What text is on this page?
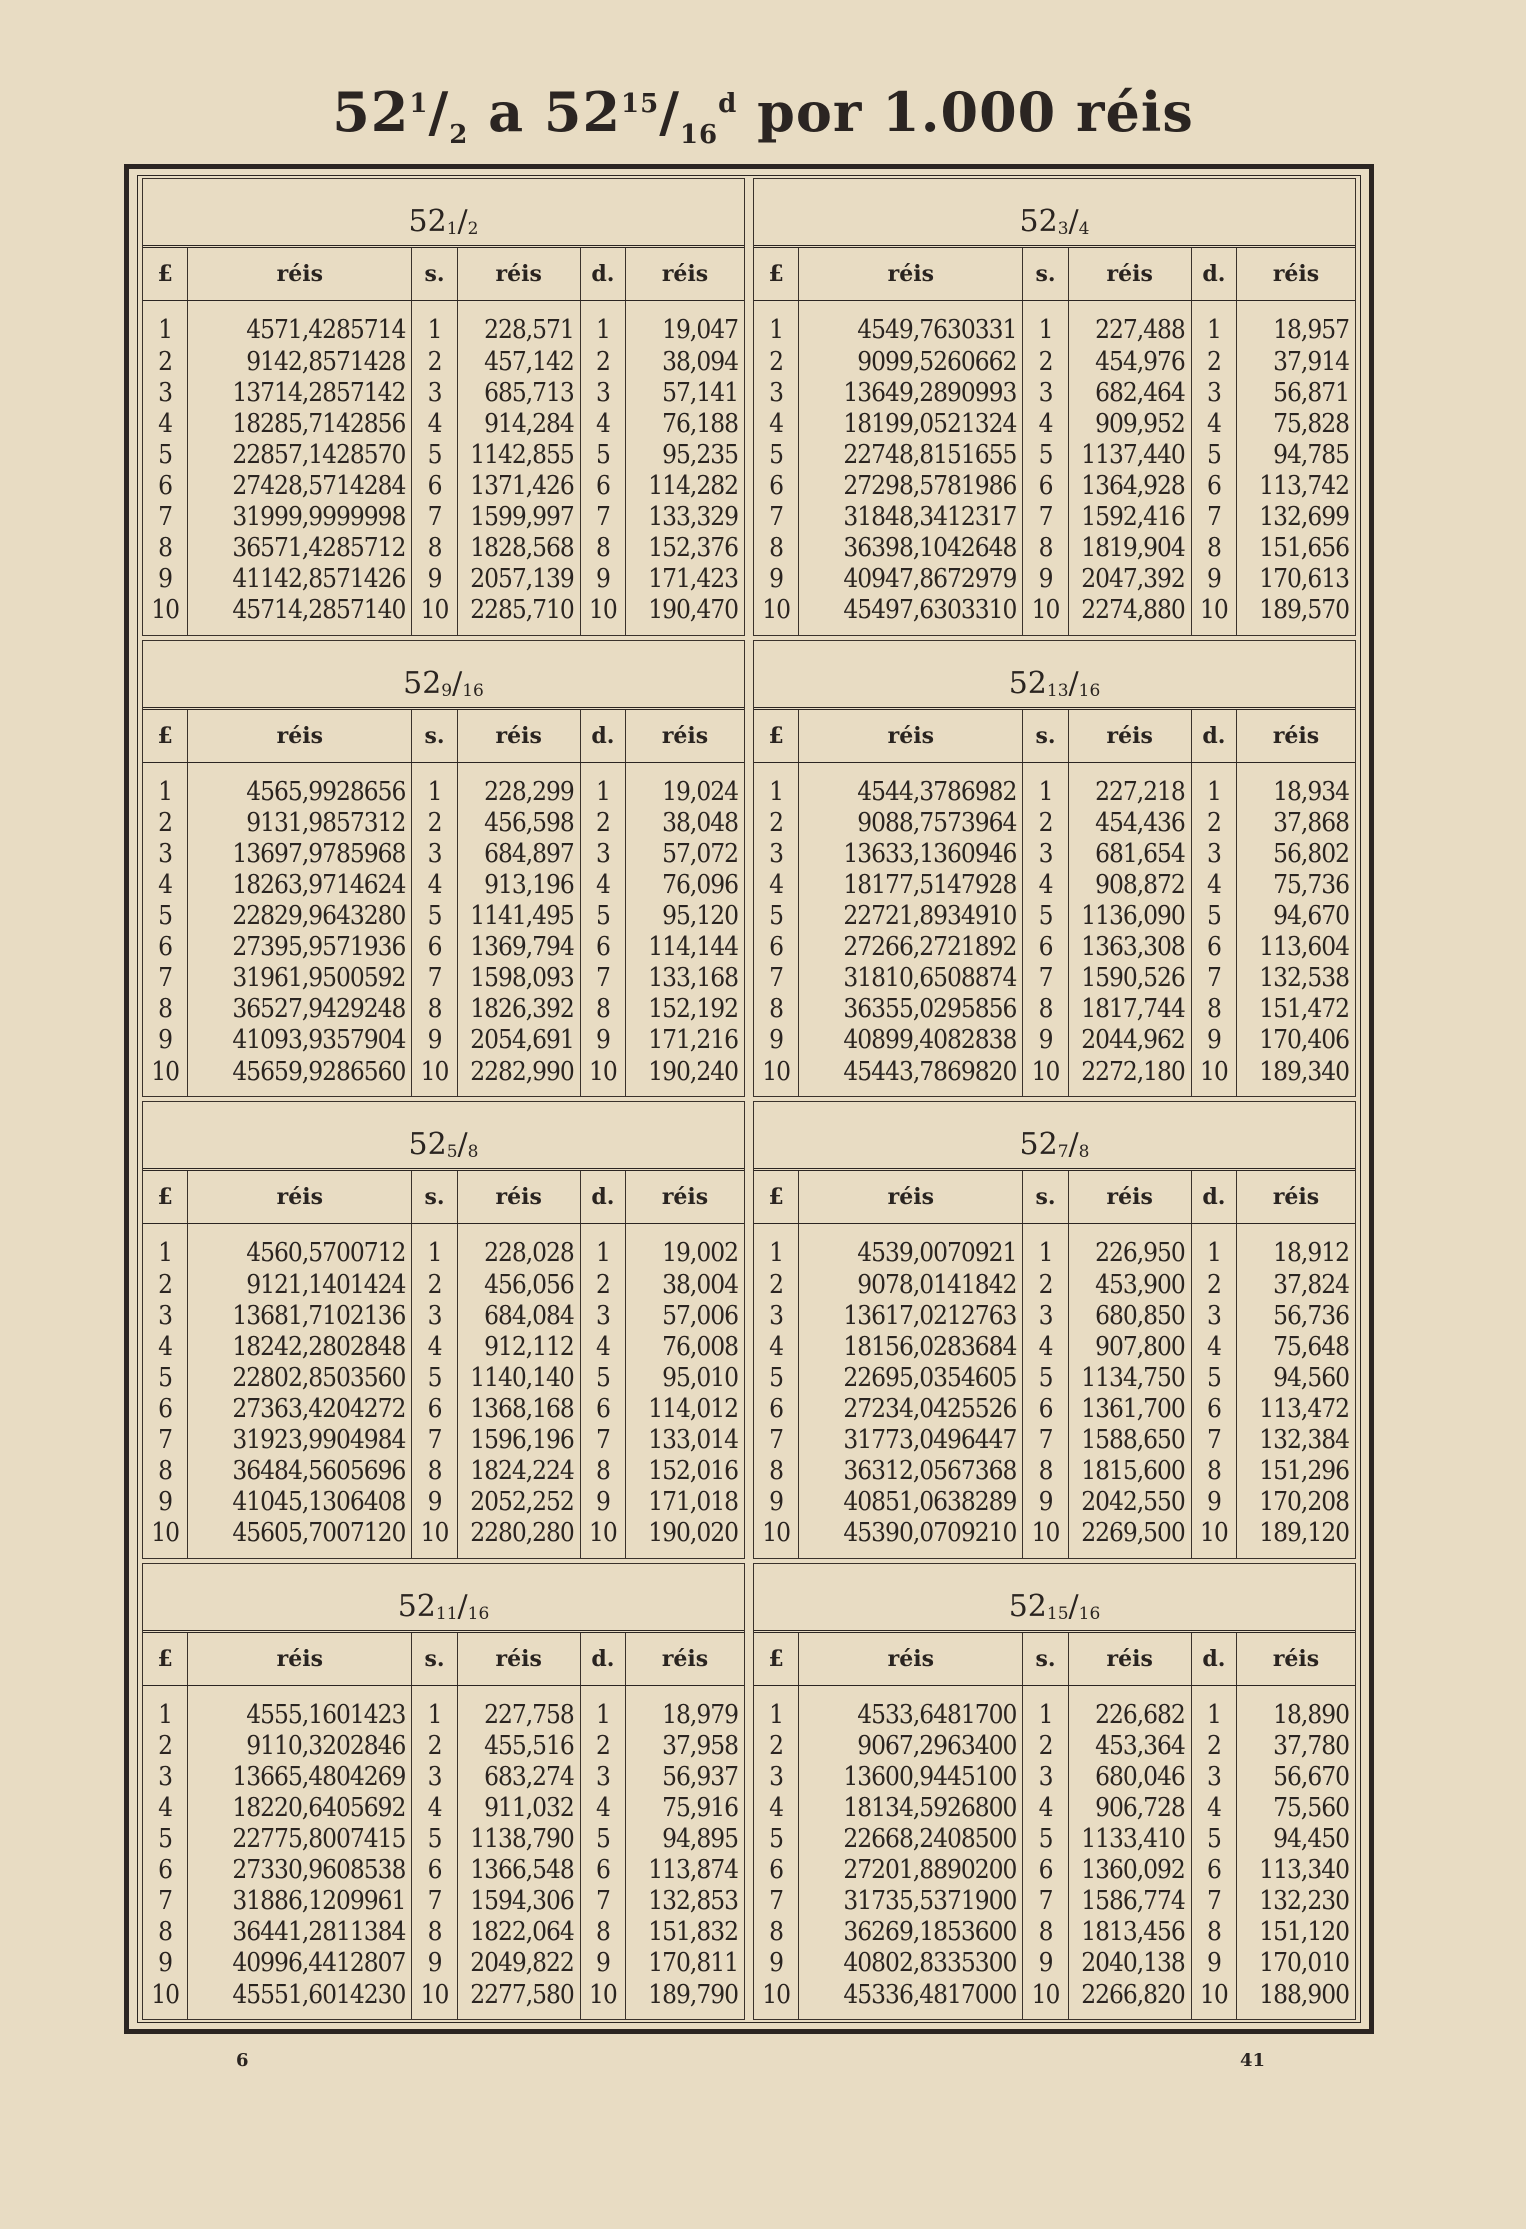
$52^1/_2$ a $52^{15}/_{16}^d$ por 1.000 réis
$52_1 / 2$
£	réis	s.	réis	d.	réis
1	4571,4285714	1	228,571	1	19,047
2	9142,8571428	2	457,142	2	38,094
3	13714,2857142	3	685,713	3	57,141
4	18285,7142856	4	914,284	4	76,188
5	22857,1428570	5	1142,855	5	95,235
6	27428,5714284	6	1371,426	6	114,282
7	31999,9999998	7	1599,997	7	133,329
8	36571,4285712	8	1828,568	8	152,376
9	41142,8571426	9	2057,139	9	171,423
10	45714,2857140	10	2285,710	10	190,470
$52_3 / 4$
£	réis	s.	réis	d.	réis
1	4549,7630331	1	227,488	1	18,957
2	9099,5260662	2	454,976	2	37,914
3	13649,2890993	3	682,464	3	56,871
4	18199,0521324	4	909,952	4	75,828
5	22748,8151655	5	1137,440	5	94,785
6	27298,5781986	6	1364,928	6	113,742
7	31848,3412317	7	1592,416	7	132,699
8	36398,1042648	8	1819,904	8	151,656
9	40947,8672979	9	2047,392	9	170,613
10	45497,6303310	10	2274,880	10	189,570
$52_9 / 16$
£	réis	s.	réis	d.	réis
1	4565,9928656	1	228,299	1	19,024
2	9131,9857312	2	456,598	2	38,048
3	13697,9785968	3	684,897	3	57,072
4	18263,9714624	4	913,196	4	76,096
5	22829,9643280	5	1141,495	5	95,120
6	27395,9571936	6	1369,794	6	114,144
7	31961,9500592	7	1598,093	7	133,168
8	36527,9429248	8	1826,392	8	152,192
9	41093,9357904	9	2054,691	9	171,216
10	45659,9286560	10	2282,990	10	190,240
$52_{13} / 16$
£	réis	s.	réis	d.	réis
1	4544,3786982	1	227,218	1	18,934
2	9088,7573964	2	454,436	2	37,868
3	13633,1360946	3	681,654	3	56,802
4	18177,5147928	4	908,872	4	75,736
5	22721,8934910	5	1136,090	5	94,670
6	27266,2721892	6	1363,308	6	113,604
7	31810,6508874	7	1590,526	7	132,538
8	36355,0295856	8	1817,744	8	151,472
9	40899,4082838	9	2044,962	9	170,406
10	45443,7869820	10	2272,180	10	189,340
$52_5 / 8$
£	réis	s.	réis	d.	réis
1	4560,5700712	1	228,028	1	19,002
2	9121,1401424	2	456,056	2	38,004
3	13681,7102136	3	684,084	3	57,006
4	18242,2802848	4	912,112	4	76,008
5	22802,8503560	5	1140,140	5	95,010
6	27363,4204272	6	1368,168	6	114,012
7	31923,9904984	7	1596,196	7	133,014
8	36484,5605696	8	1824,224	8	152,016
9	41045,1306408	9	2052,252	9	171,018
10	45605,7007120	10	2280,280	10	190,020
$52_7 / 8$
£	réis	s.	réis	d.	réis
1	4539,0070921	1	226,950	1	18,912
2	9078,0141842	2	453,900	2	37,824
3	13617,0212763	3	680,850	3	56,736
4	18156,0283684	4	907,800	4	75,648
5	22695,0354605	5	1134,750	5	94,560
6	27234,0425526	6	1361,700	6	113,472
7	31773,0496447	7	1588,650	7	132,384
8	36312,0567368	8	1815,600	8	151,296
9	40851,0638289	9	2042,550	9	170,208
10	45390,0709210	10	2269,500	10	189,120
$52_{11} / 16$
£	réis	s.	réis	d.	réis
1	4555,1601423	1	227,758	1	18,979
2	9110,3202846	2	455,516	2	37,958
3	13665,4804269	3	683,274	3	56,937
4	18220,6405692	4	911,032	4	75,916
5	22775,8007415	5	1138,790	5	94,895
6	27330,9608538	6	1366,548	6	113,874
7	31886,1209961	7	1594,306	7	132,853
8	36441,2811384	8	1822,064	8	151,832
9	40996,4412807	9	2049,822	9	170,811
10	45551,6014230	10	2277,580	10	189,790
$52_{15} / 16$
£	réis	s.	réis	d.	réis
1	4533,6481700	1	226,682	1	18,890
2	9067,2963400	2	453,364	2	37,780
3	13600,9445100	3	680,046	3	56,670
4	18134,5926800	4	906,728	4	75,560
5	22668,2408500	5	1133,410	5	94,450
6	27201,8890200	6	1360,092	6	113,340
7	31735,5371900	7	1586,774	7	132,230
8	36269,1853600	8	1813,456	8	151,120
9	40802,8335300	9	2040,138	9	170,010
10	45336,4817000	10	2266,820	10	188,900
6	41
